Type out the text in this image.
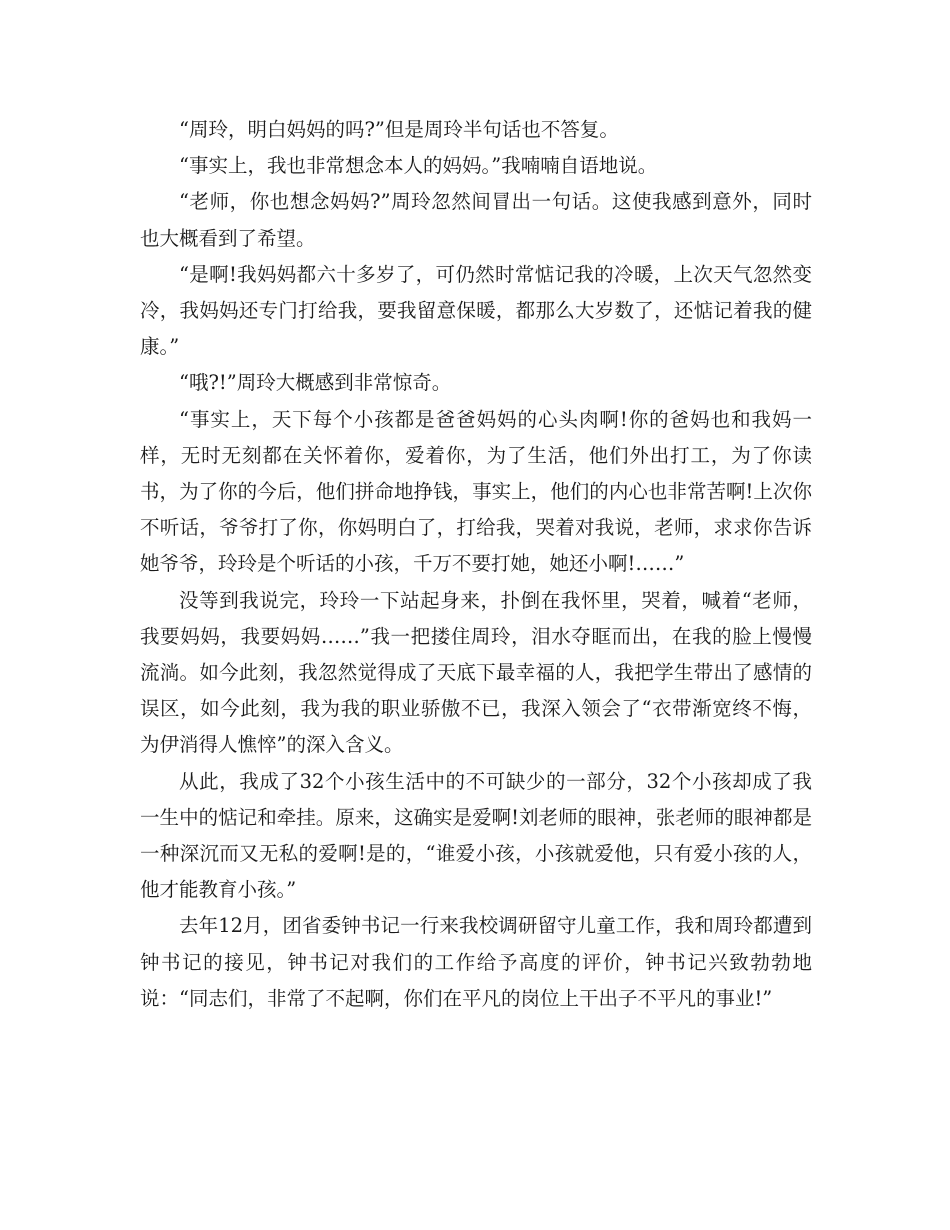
“周玲，明白妈妈的吗?”但是周玲半句话也不答复。

“事实上，我也非常想念本人的妈妈。”我喃喃自语地说。

“老师，你也想念妈妈?”周玲忽然间冒出一句话。这使我感到意外，同时也大概看到了希望。

“是啊!我妈妈都六十多岁了，可仍然时常惦记我的冷暖，上次天气忽然变冷，我妈妈还专门打给我，要我留意保暖，都那么大岁数了，还惦记着我的健康。”

“哦?!”周玲大概感到非常惊奇。

“事实上，天下每个小孩都是爸爸妈妈的心头肉啊!你的爸妈也和我妈一样，无时无刻都在关怀着你，爱着你，为了生活，他们外出打工，为了你读书，为了你的今后，他们拼命地挣钱，事实上，他们的内心也非常苦啊!上次你不听话，爷爷打了你，你妈明白了，打给我，哭着对我说，老师，求求你告诉她爷爷，玲玲是个听话的小孩，千万不要打她，她还小啊!……”

没等到我说完，玲玲一下站起身来，扑倒在我怀里，哭着，喊着“老师，我要妈妈，我要妈妈……”我一把搂住周玲，泪水夺眶而出，在我的脸上慢慢流淌。如今此刻，我忽然觉得成了天底下最幸福的人，我把学生带出了感情的误区，如今此刻，我为我的职业骄傲不已，我深入领会了“衣带渐宽终不悔，为伊消得人憔悴”的深入含义。

从此，我成了32个小孩生活中的不可缺少的一部分，32个小孩却成了我一生中的惦记和牵挂。原来，这确实是爱啊!刘老师的眼神，张老师的眼神都是一种深沉而又无私的爱啊!是的，“谁爱小孩，小孩就爱他，只有爱小孩的人，他才能教育小孩。”

去年12月，团省委钟书记一行来我校调研留守儿童工作，我和周玲都遭到钟书记的接见，钟书记对我们的工作给予高度的评价，钟书记兴致勃勃地说：“同志们，非常了不起啊，你们在平凡的岗位上干出子不平凡的事业!”
